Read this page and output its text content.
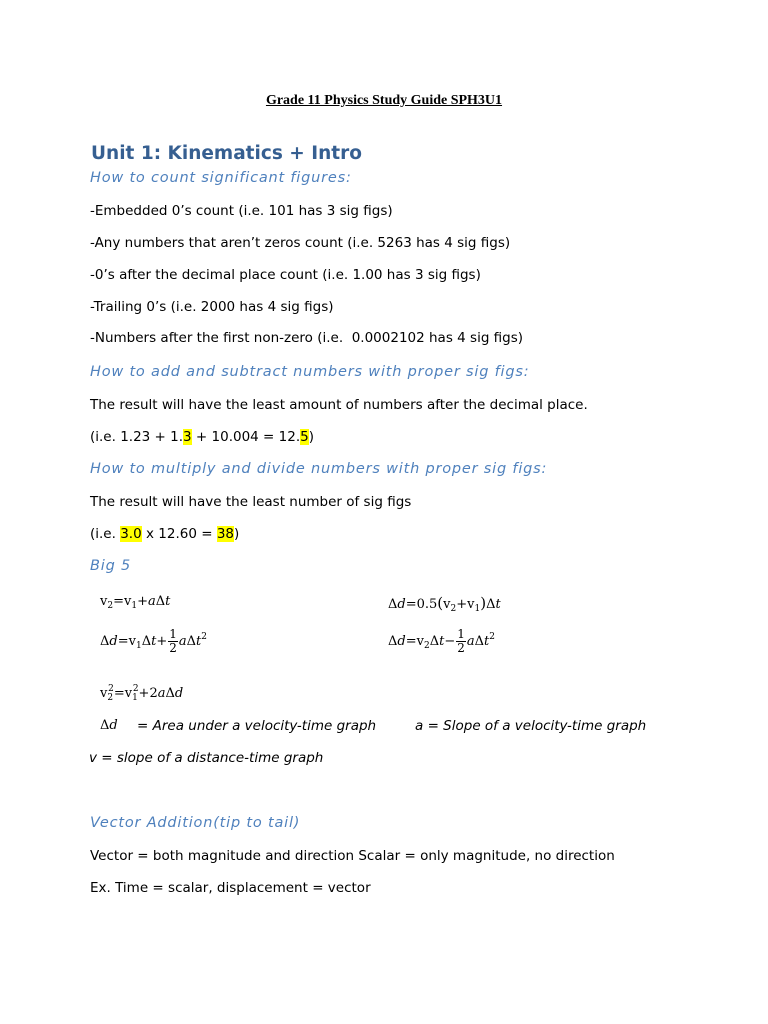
Grade 11 Physics Study Guide SPH3U1
Unit 1: Kinematics + Intro
How to count significant figures:
-Embedded 0’s count (i.e. 101 has 3 sig figs)
-Any numbers that aren’t zeros count (i.e. 5263 has 4 sig figs)
-0’s after the decimal place count (i.e. 1.00 has 3 sig figs)
-Trailing 0’s (i.e. 2000 has 4 sig figs)
-Numbers after the first non-zero (i.e.  0.0002102 has 4 sig figs)
How to add and subtract numbers with proper sig figs:
The result will have the least amount of numbers after the decimal place.
(i.e. 1.23 + 1.3 + 10.004 = 12.5)
How to multiply and divide numbers with proper sig figs:
The result will have the least number of sig figs
(i.e. 3.0 x 12.60 = 38)
Big 5
$v_2=v_1+a\Delta t$	$\Delta d=0.5(v_2+v_1)\Delta t$
$\Delta d=v_1\Delta t+ \frac{1}{2} a\Delta t^2$	$\Delta d=v_2\Delta t- \frac{1}{2} a\Delta t^2$
$v_2^2=v_1^2+2a\Delta d$
Δd = Area under a velocity-time graph	a = Slope of a velocity-time graph
v = slope of a distance-time graph
Vector Addition(tip to tail)
Vector = both magnitude and direction Scalar = only magnitude, no direction
Ex. Time = scalar, displacement = vector
